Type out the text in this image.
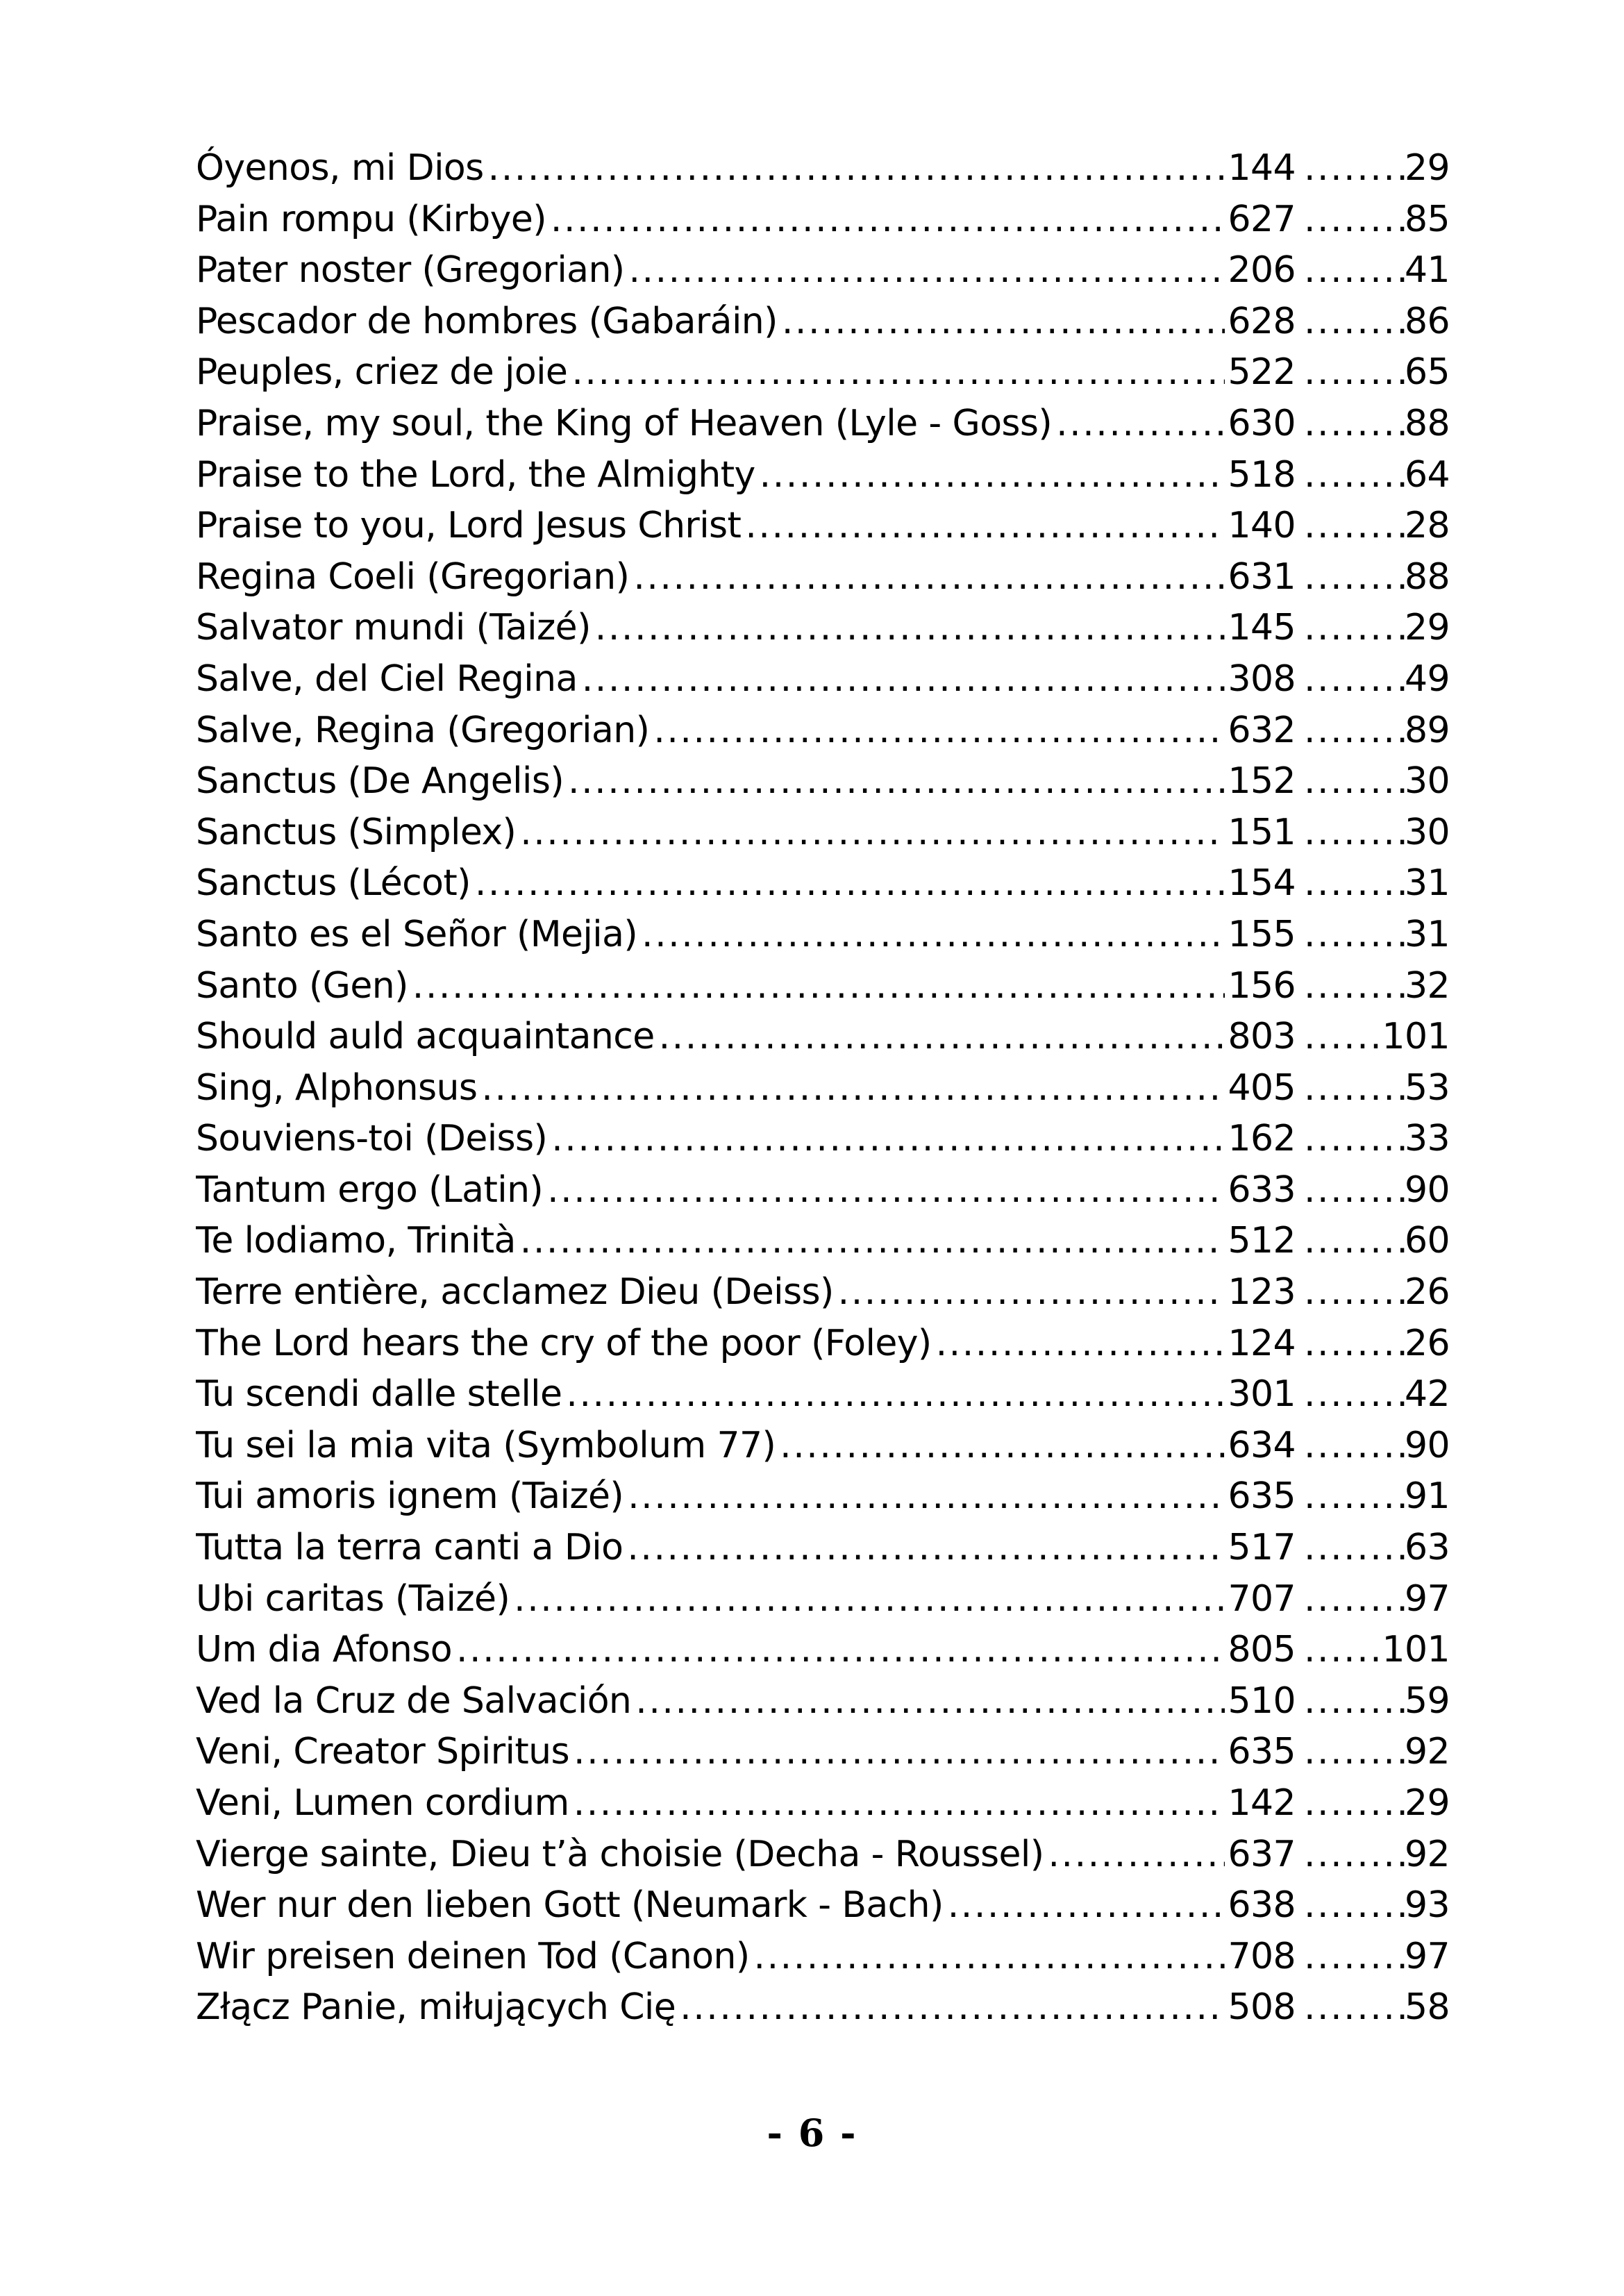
Óyenos, mi Dios . . .	144 . . .	29
Pain rompu (Kirbye) . . .	627 . . .	85
Pater noster (Gregorian) . . .	206 . . .	41
Pescador de hombres (Gabaráin) . . .	628 . . .	86
Peuples, criez de joie . . .	522 . . .	65
Praise, my soul, the King of Heaven (Lyle - Goss) . . .	630 . . .	88
Praise to the Lord, the Almighty . . .	518 . . .	64
Praise to you, Lord Jesus Christ . . .	140 . . .	28
Regina Coeli (Gregorian) . . .	631 . . .	88
Salvator mundi (Taizé) . . .	145 . . .	29
Salve, del Ciel Regina . . .	308 . . .	49
Salve, Regina (Gregorian) . . .	632 . . .	89
Sanctus (De Angelis) . . .	152 . . .	30
Sanctus (Simplex) . . .	151 . . .	30
Sanctus (Lécot) . . .	154 . . .	31
Santo es el Señor (Mejia) . . .	155 . . .	31
Santo (Gen) . . .	156 . . .	32
Should auld acquaintance . . .	803 . . . 101
Sing, Alphonsus . . .	405 . . .	53
Souviens-toi (Deiss) . . .	162 . . .	33
Tantum ergo (Latin) . . .	633 . . .	90
Te lodiamo, Trinità . . .	512 . . .	60
Terre entière, acclamez Dieu (Deiss) . . .	123 . . .	26
The Lord hears the cry of the poor (Foley) . . .	124 . . .	26
Tu scendi dalle stelle . . .	301 . . .	42
Tu sei la mia vita (Symbolum 77) . . .	634 . . .	90
Tui amoris ignem (Taizé) . . .	635 . . .	91
Tutta la terra canti a Dio . . .	517 . . .	63
Ubi caritas (Taizé) . . .	707 . . .	97
Um dia Afonso . . .	805 . . . 101
Ved la Cruz de Salvación . . .	510 . . .	59
Veni, Creator Spiritus . . .	635 . . .	92
Veni, Lumen cordium . . .	142 . . .	29
Vierge sainte, Dieu t’à choisie (Decha - Roussel) . . .	637 . . .	92
Wer nur den lieben Gott (Neumark - Bach) . . .	638 . . .	93
Wir preisen deinen Tod (Canon) . . .	708 . . .	97
Złącz Panie, miłujących Cię . . .	508 . . .	58
- 6 -
